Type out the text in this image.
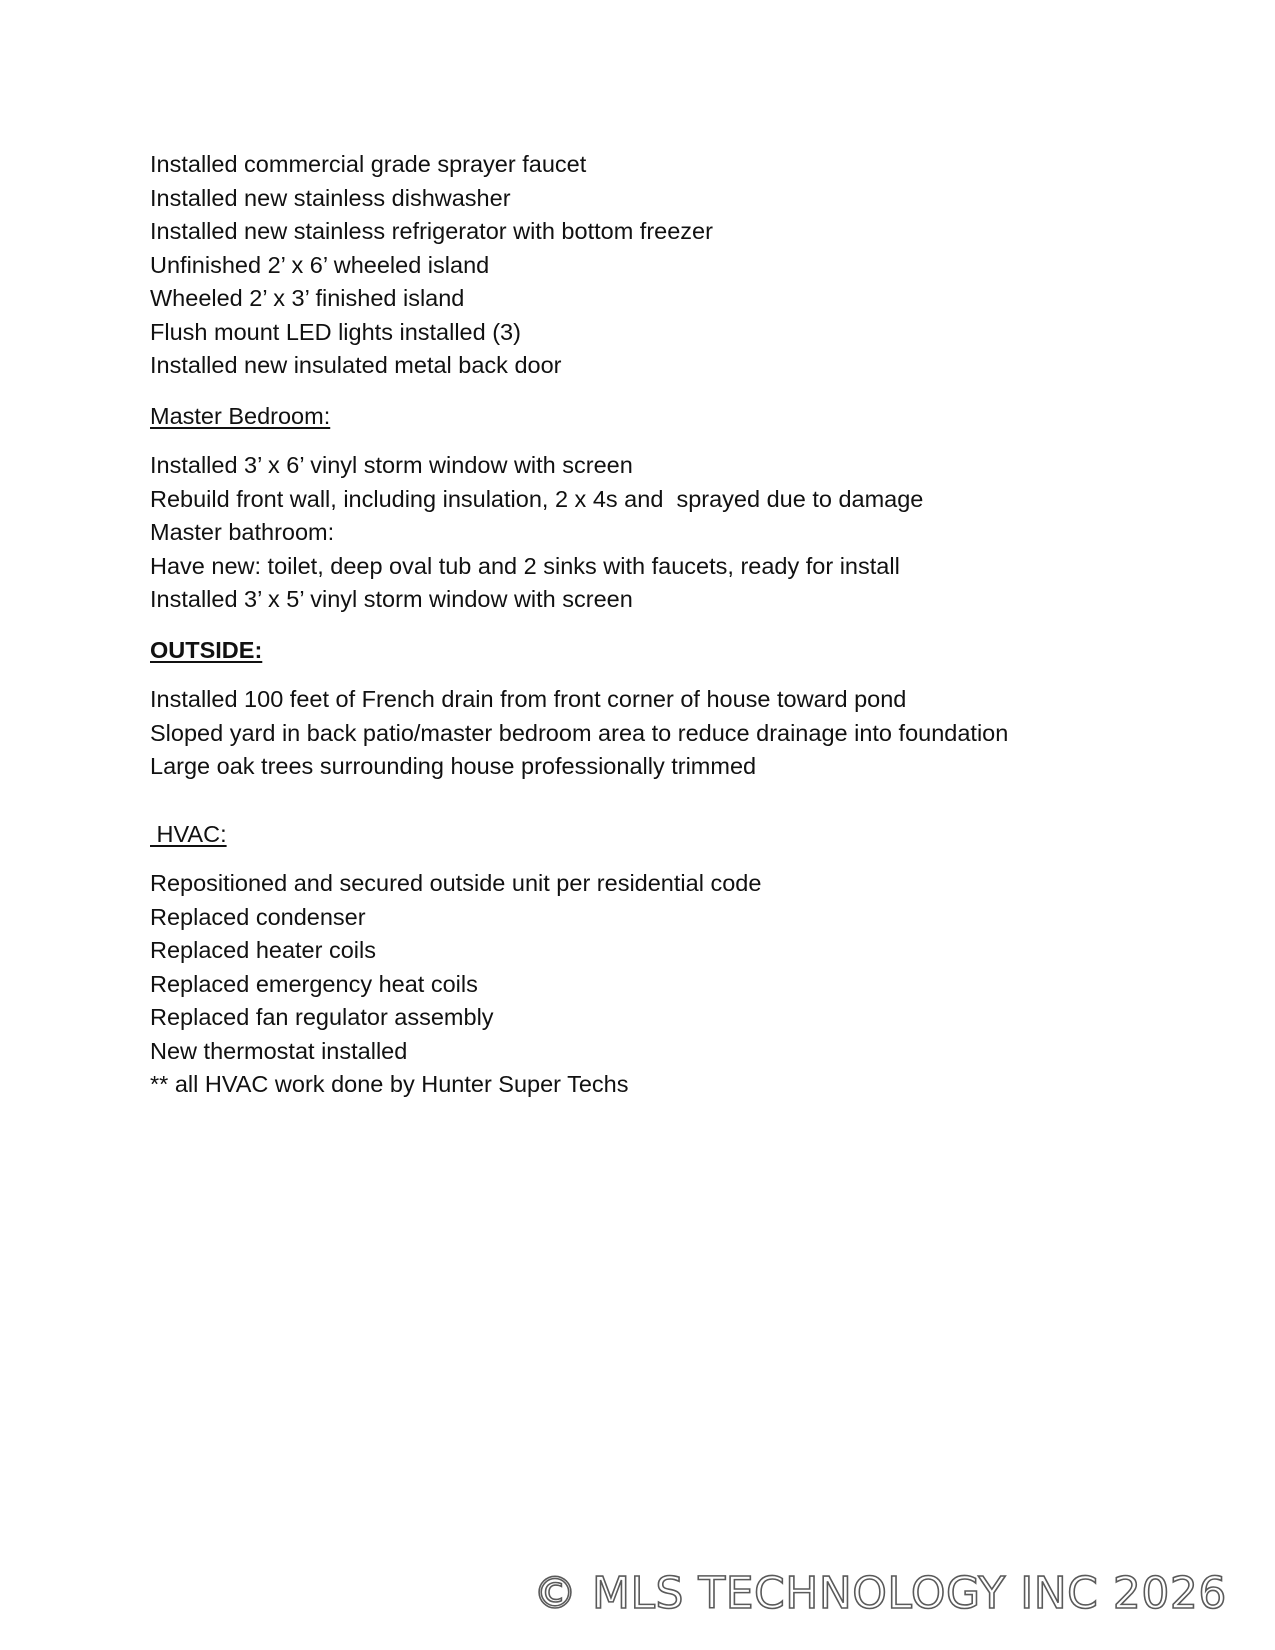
Installed commercial grade sprayer faucet

Installed new stainless dishwasher

Installed new stainless refrigerator with bottom freezer

Unfinished 2’ x 6’ wheeled island

Wheeled 2’ x 3’ finished island

Flush mount LED lights installed (3)

Installed new insulated metal back door

Master Bedroom:

Installed 3’ x 6’ vinyl storm window with screen

Rebuild front wall, including insulation, 2 x 4s and  sprayed due to damage

Master bathroom:

Have new: toilet, deep oval tub and 2 sinks with faucets, ready for install

Installed 3’ x 5’ vinyl storm window with screen

OUTSIDE:

Installed 100 feet of French drain from front corner of house toward pond

Sloped yard in back patio/master bedroom area to reduce drainage into foundation

Large oak trees surrounding house professionally trimmed

HVAC:

Repositioned and secured outside unit per residential code

Replaced condenser

Replaced heater coils

Replaced emergency heat coils

Replaced fan regulator assembly

New thermostat installed

** all HVAC work done by Hunter Super Techs

© MLS TECHNOLOGY INC 2026
